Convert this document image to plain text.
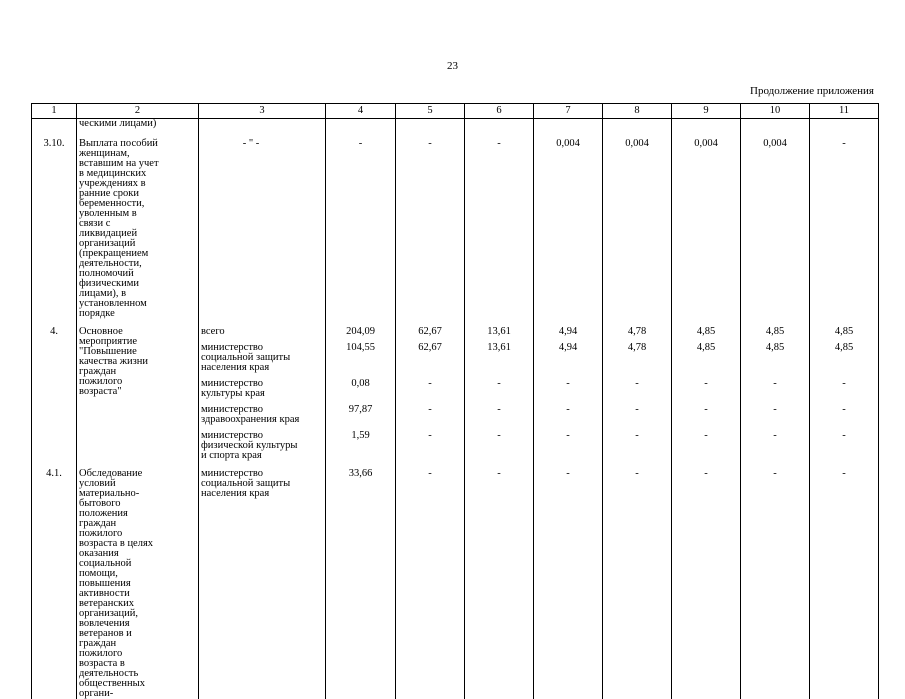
23
Продолжение приложения
1	2	3	4	5	6	7	8	9	10	11

	ческими лицами)									

3.10.	Выплата пособий женщинам, вставшим на учет в медицинских учреждениях в ранние сроки беременности, уволенным в связи с ликвидацией организаций (прекращением деятельности, полномочий физическими лицами), в установленном порядке	- " -	-	-	-	0,004	0,004	0,004	0,004	-
4.	Основное мероприятие "Повышение качества жизни граждан пожилого возраста"	всего	204,09	62,67	13,61	4,94	4,78	4,85	4,85	4,85

		министерство социальной защиты населения края	104,55	62,67	13,61	4,94	4,78	4,85	4,85	4,85

		министерство культуры края	0,08	-	-	-	-	-	-	-

		министерство здравоохранения края	97,87	-	-	-	-	-	-	-

		министерство физической культуры и спорта края	1,59	-	-	-	-	-	-	-
4.1.	Обследование условий материально-бытового положения граждан пожилого возраста в целях оказания социальной помощи, повышения активности ветеранских организаций, вовлечения ветеранов и граждан пожилого возраста в деятельность общественных органи-	министерство социальной защиты населения края	33,66	-	-	-	-	-	-	-
